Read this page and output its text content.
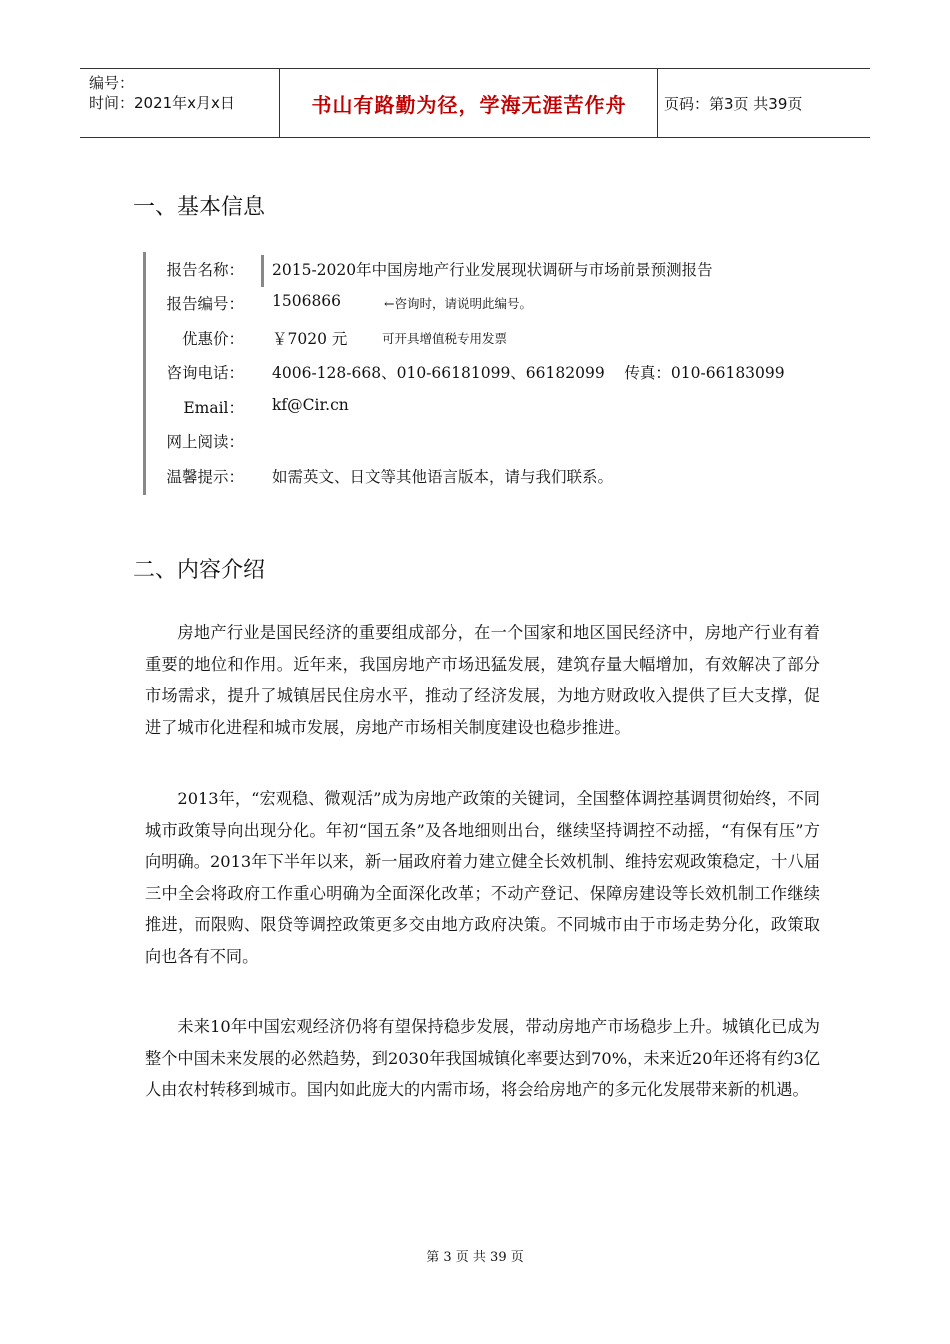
编号：
时间：2021年x月x日	书山有路勤为径，学海无涯苦作舟	页码：第3页 共39页
一、基本信息
报告名称： 2015-2020年中国房地产行业发展现状调研与市场前景预测报告
报告编号： 1506866	←咨询时，请说明此编号。
优惠价： ￥7020 元	可开具增值税专用发票
咨询电话： 4006-128-668、010-66181099、66182099    传真：010-66183099
Email： kf@Cir.cn
网上阅读：
温馨提示： 如需英文、日文等其他语言版本，请与我们联系。
二、内容介绍

房地产行业是国民经济的重要组成部分，在一个国家和地区国民经济中，房地产行业有着重要的地位和作用。近年来，我国房地产市场迅猛发展，建筑存量大幅增加，有效解决了部分市场需求，提升了城镇居民住房水平，推动了经济发展，为地方财政收入提供了巨大支撑，促进了城市化进程和城市发展，房地产市场相关制度建设也稳步推进。

2013年，“宏观稳、微观活”成为房地产政策的关键词，全国整体调控基调贯彻始终，不同城市政策导向出现分化。年初“国五条”及各地细则出台，继续坚持调控不动摇，“有保有压”方向明确。2013年下半年以来，新一届政府着力建立健全长效机制、维持宏观政策稳定，十八届三中全会将政府工作重心明确为全面深化改革；不动产登记、保障房建设等长效机制工作继续推进，而限购、限贷等调控政策更多交由地方政府决策。不同城市由于市场走势分化，政策取向也各有不同。

未来10年中国宏观经济仍将有望保持稳步发展，带动房地产市场稳步上升。城镇化已成为整个中国未来发展的必然趋势，到2030年我国城镇化率要达到70%，未来近20年还将有约3亿人由农村转移到城市。国内如此庞大的内需市场，将会给房地产的多元化发展带来新的机遇。

第 3 页 共 39 页
